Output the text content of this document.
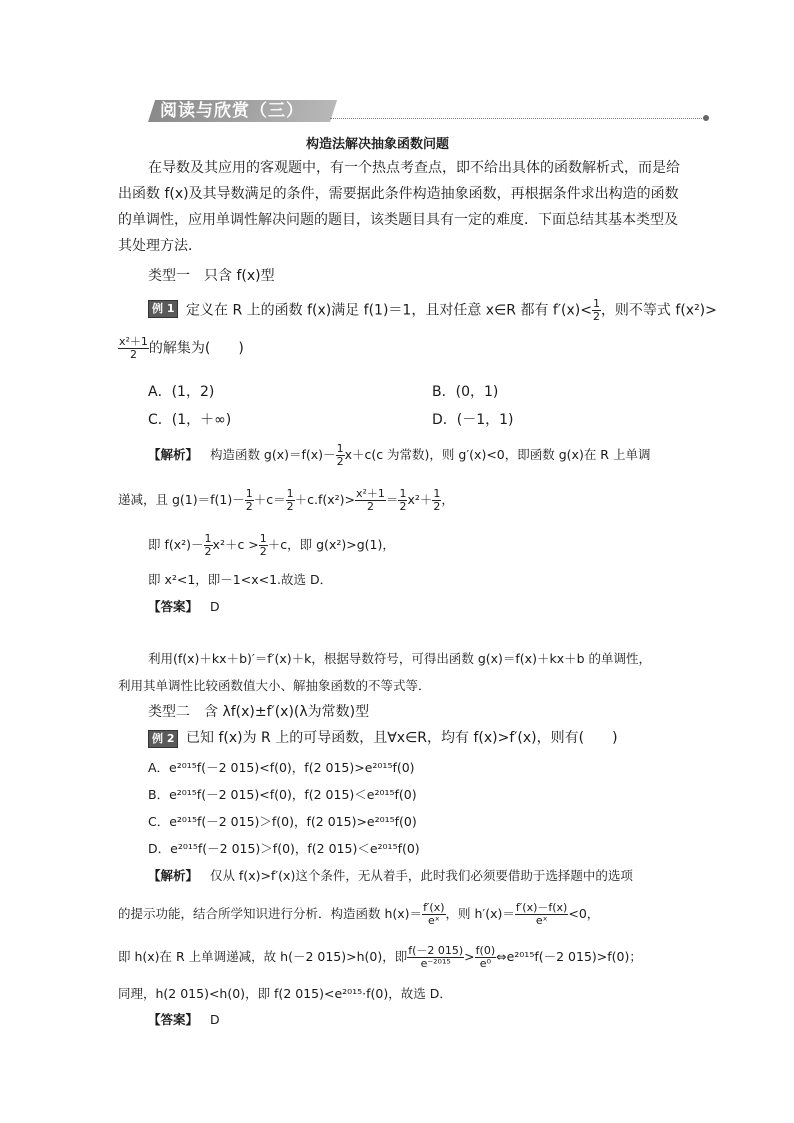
阅读与欣赏（三）
构造法解决抽象函数问题
在导数及其应用的客观题中，有一个热点考查点，即不给出具体的函数解析式，而是给
出函数 f(x)及其导数满足的条件，需要据此条件构造抽象函数，再根据条件求出构造的函数
的单调性，应用单调性解决问题的题目，该类题目具有一定的难度．下面总结其基本类型及
其处理方法．
类型一　只含 f(x)型
例 1 定义在 R 上的函数 f(x)满足 f(1)＝1，且对任意 x∈R 都有 $f'(x)< \frac{1}{2}$ ，则不等式 f(x²)>
$\frac{\text{x²＋1}}{2}$ 的解集为(　　)
A．(1，2)	B．(0，1)
C．(1，＋∞)	D．(－1，1)
【解析】 构造函数 $g(x)=f(x)- \frac{1}{2} x+c(c$ 为常数)，则 g′(x)<0，即函数 g(x)在 R 上单调
递减，且 $g(1)=f(1)- \frac{1}{2} +c= \frac{1}{2} +c.f(x^2)> \frac{\text{x²＋1}}{2} = \frac{1}{2} x^2+ \frac{1}{2}$ ，
即 $f(x^2)- \frac{1}{2} x^2+c > \frac{1}{2} +c$，即 g(x²)>g(1)，
即 x²<1，即－1<x<1.故选 D．
【答案】 D
利用(f(x)＋kx＋b)′＝f′(x)＋k，根据导数符号，可得出函数 g(x)＝f(x)＋kx＋b 的单调性，
利用其单调性比较函数值大小、解抽象函数的不等式等．
类型二　含 λf(x)±f′(x)(λ为常数)型
例 2 已知 f(x)为 R 上的可导函数，且∀x∈R，均有 f(x)>f′(x)，则有(　　)
A．e²⁰¹⁵f(－2 015)<f(0)，f(2 015)>e²⁰¹⁵f(0)
B．e²⁰¹⁵f(－2 015)<f(0)，f(2 015)＜e²⁰¹⁵f(0)
C．e²⁰¹⁵f(－2 015)＞f(0)，f(2 015)>e²⁰¹⁵f(0)
D．e²⁰¹⁵f(－2 015)＞f(0)，f(2 015)＜e²⁰¹⁵f(0)
【解析】 仅从 f(x)>f′(x)这个条件，无从着手，此时我们必须要借助于选择题中的选项
的提示功能，结合所学知识进行分析．构造函数 $h(x)= \frac{f'(x)}{\text{eˣ}}$ ，则 $h'(x)= \frac{f'(x)-f(x)}{\text{eˣ}} <0$，
即 h(x)在 R 上单调递减，故 h(－2 015)>h(0)，即 $\frac{f(-2 015)}{\text{e⁻²⁰¹⁵}} > \frac{f(0)}{\text{e⁰}}$ ⇔e²⁰¹⁵f(－2 015)>f(0)；
同理，h(2 015)<h(0)，即 f(2 015)<e²⁰¹⁵·f(0)，故选 D．
【答案】 D
